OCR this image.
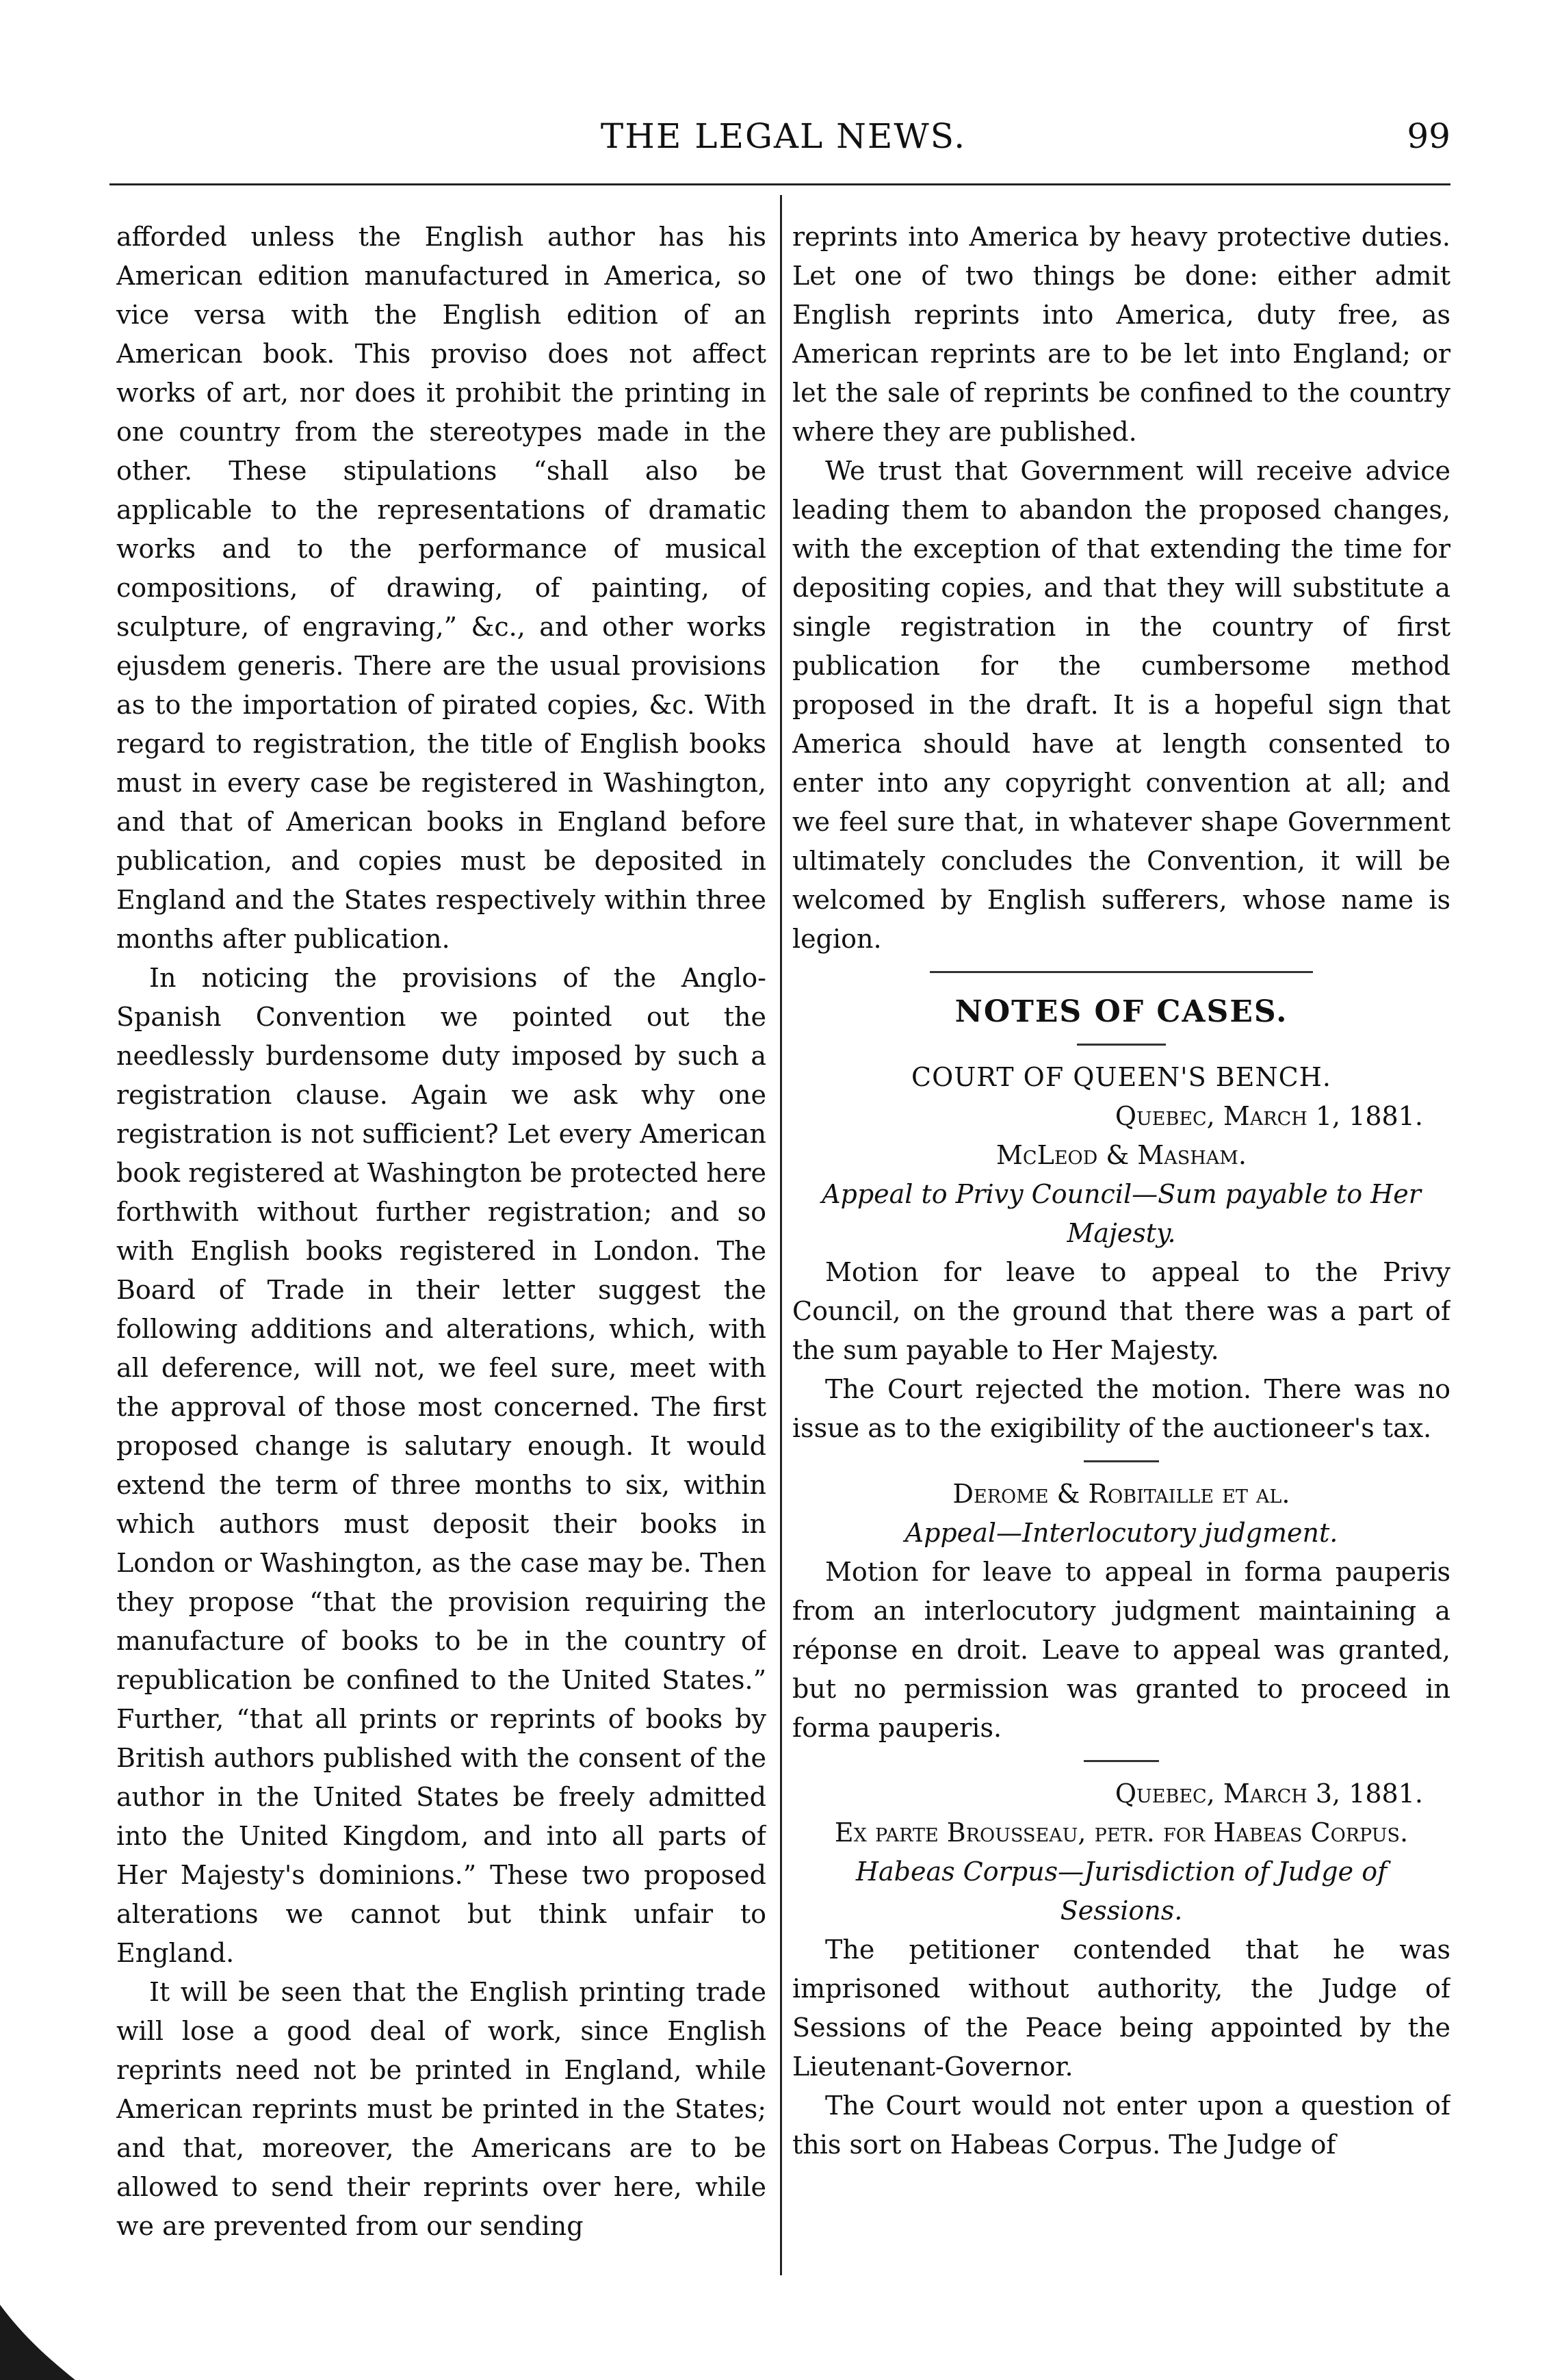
THE LEGAL NEWS.	99

afforded unless the English author has his American edition manufactured in America, so vice versa with the English edition of an American book. This proviso does not affect works of art, nor does it prohibit the printing in one country from the stereotypes made in the other. These stipulations “shall also be applicable to the representations of dramatic works and to the performance of musical compositions, of drawing, of painting, of sculpture, of engraving,” &c., and other works ejusdem generis. There are the usual provisions as to the importation of pirated copies, &c. With regard to registration, the title of English books must in every case be registered in Washington, and that of American books in England before publication, and copies must be deposited in England and the States respectively within three months after publication.

In noticing the provisions of the Anglo-Spanish Convention we pointed out the needlessly burdensome duty imposed by such a registration clause. Again we ask why one registration is not sufficient? Let every American book registered at Washington be protected here forthwith without further registration; and so with English books registered in London. The Board of Trade in their letter suggest the following additions and alterations, which, with all deference, will not, we feel sure, meet with the approval of those most concerned. The first proposed change is salutary enough. It would extend the term of three months to six, within which authors must deposit their books in London or Washington, as the case may be. Then they propose “that the provision requiring the manufacture of books to be in the country of republication be confined to the United States.” Further, “that all prints or reprints of books by British authors published with the consent of the author in the United States be freely admitted into the United Kingdom, and into all parts of Her Majesty's dominions.” These two proposed alterations we cannot but think unfair to England.

It will be seen that the English printing trade will lose a good deal of work, since English reprints need not be printed in England, while American reprints must be printed in the States; and that, moreover, the Americans are to be allowed to send their reprints over here, while we are prevented from our sending

reprints into America by heavy protective duties. Let one of two things be done: either admit English reprints into America, duty free, as American reprints are to be let into England; or let the sale of reprints be confined to the country where they are published.

We trust that Government will receive advice leading them to abandon the proposed changes, with the exception of that extending the time for depositing copies, and that they will substitute a single registration in the country of first publication for the cumbersome method proposed in the draft. It is a hopeful sign that America should have at length consented to enter into any copyright convention at all; and we feel sure that, in whatever shape Government ultimately concludes the Convention, it will be welcomed by English sufferers, whose name is legion.

NOTES OF CASES.
COURT OF QUEEN'S BENCH.
Quebec, March 1, 1881.
McLeod & Masham.
Appeal to Privy Council—Sum payable to Her Majesty.

Motion for leave to appeal to the Privy Council, on the ground that there was a part of the sum payable to Her Majesty.

The Court rejected the motion. There was no issue as to the exigibility of the auctioneer's tax.

Derome & Robitaille et al.
Appeal—Interlocutory judgment.

Motion for leave to appeal in forma pauperis from an interlocutory judgment maintaining a réponse en droit. Leave to appeal was granted, but no permission was granted to proceed in forma pauperis.

Quebec, March 3, 1881.
Ex parte Brousseau, petr. for Habeas Corpus.
Habeas Corpus—Jurisdiction of Judge of Sessions.

The petitioner contended that he was imprisoned without authority, the Judge of Sessions of the Peace being appointed by the Lieutenant-Governor.

The Court would not enter upon a question of this sort on Habeas Corpus. The Judge of
